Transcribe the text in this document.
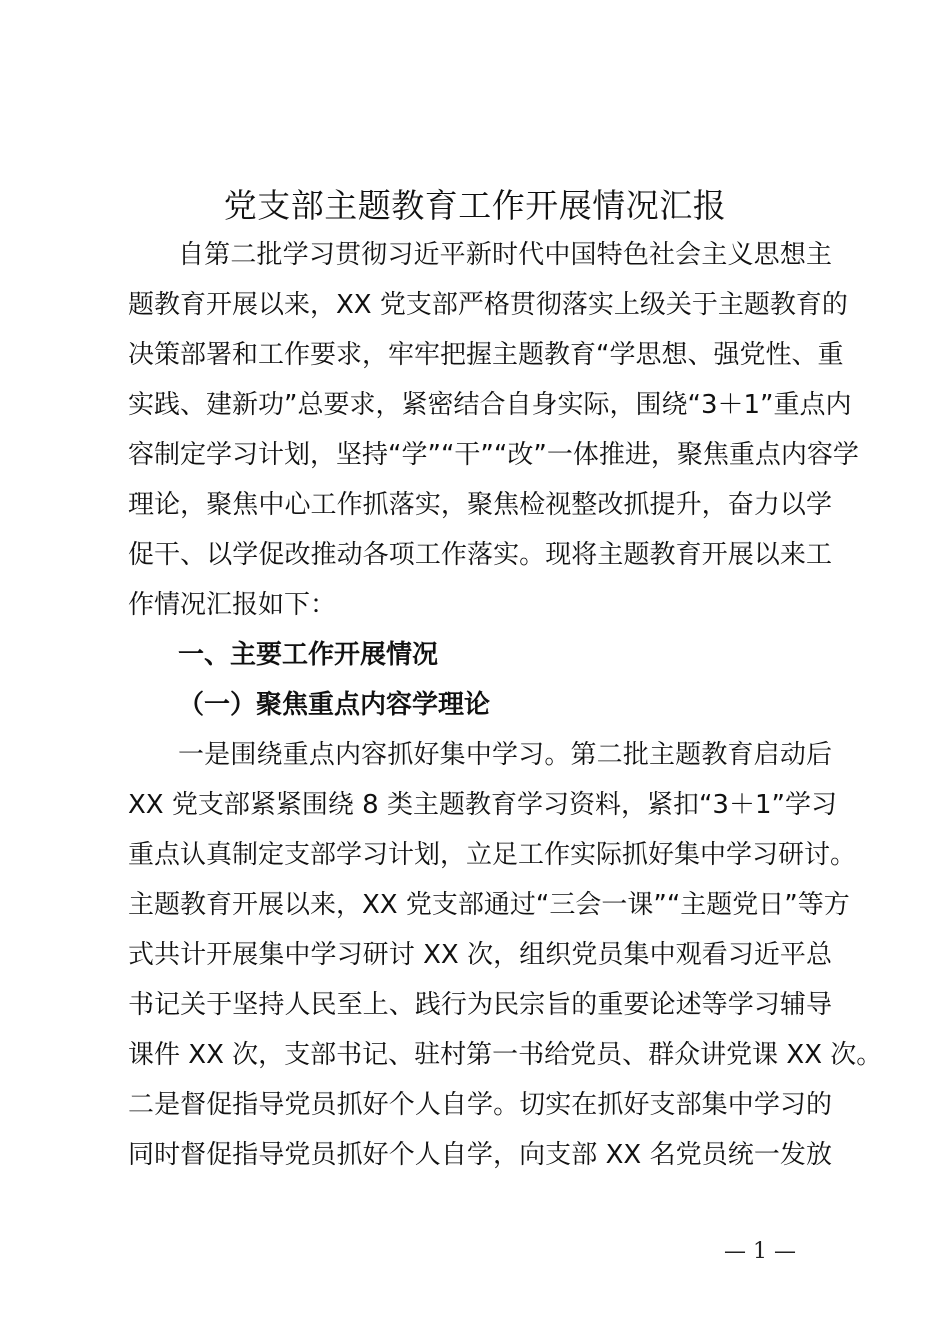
党支部主题教育工作开展情况汇报
自第二批学习贯彻习近平新时代中国特色社会主义思想主
题教育开展以来，XX 党支部严格贯彻落实上级关于主题教育的
决策部署和工作要求，牢牢把握主题教育“学思想、强党性、重
实践、建新功”总要求，紧密结合自身实际，围绕“3＋1”重点内
容制定学习计划，坚持“学”“干”“改”一体推进，聚焦重点内容学
理论，聚焦中心工作抓落实，聚焦检视整改抓提升，奋力以学
促干、以学促改推动各项工作落实。现将主题教育开展以来工
作情况汇报如下：
一、主要工作开展情况
（一）聚焦重点内容学理论
一是围绕重点内容抓好集中学习。第二批主题教育启动后
XX 党支部紧紧围绕 8 类主题教育学习资料，紧扣“3＋1”学习
重点认真制定支部学习计划，立足工作实际抓好集中学习研讨。
主题教育开展以来，XX 党支部通过“三会一课”“主题党日”等方
式共计开展集中学习研讨 XX 次，组织党员集中观看习近平总
书记关于坚持人民至上、践行为民宗旨的重要论述等学习辅导
课件 XX 次，支部书记、驻村第一书给党员、群众讲党课 XX 次。
二是督促指导党员抓好个人自学。切实在抓好支部集中学习的
同时督促指导党员抓好个人自学，向支部 XX 名党员统一发放
— 1 —
